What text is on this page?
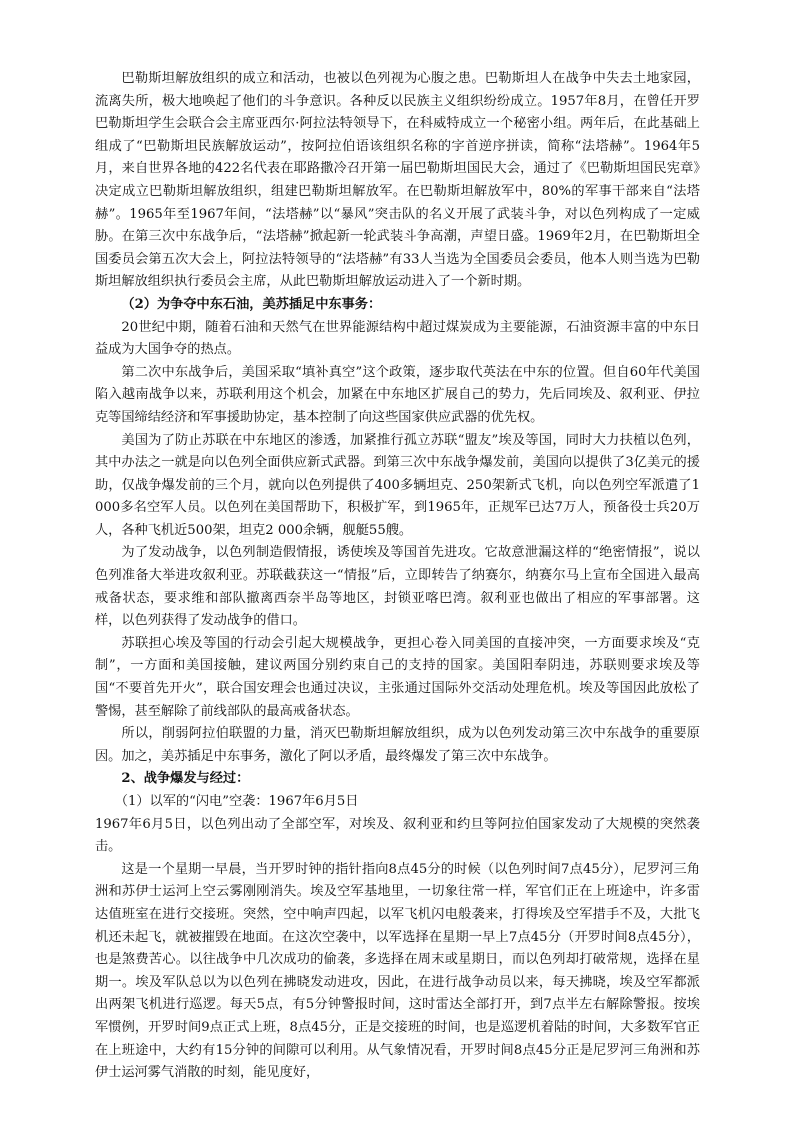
巴勒斯坦解放组织的成立和活动，也被以色列视为心腹之患。巴勒斯坦人在战争中失去土地家园，流离失所，极大地唤起了他们的斗争意识。各种反以民族主义组织纷纷成立。1957年8月，在曾任开罗巴勒斯坦学生会联合会主席亚西尔·阿拉法特领导下，在科威特成立一个秘密小组。两年后，在此基础上组成了“巴勒斯坦民族解放运动”，按阿拉伯语该组织名称的字首逆序拼读，简称“法塔赫”。1964年5月，来自世界各地的422名代表在耶路撒冷召开第一届巴勒斯坦国民大会，通过了《巴勒斯坦国民宪章》决定成立巴勒斯坦解放组织，组建巴勒斯坦解放军。在巴勒斯坦解放军中，80%的军事干部来自“法塔赫”。1965年至1967年间，“法塔赫”以“暴风”突击队的名义开展了武装斗争，对以色列构成了一定威胁。在第三次中东战争后，“法塔赫”掀起新一轮武装斗争高潮，声望日盛。1969年2月，在巴勒斯坦全国委员会第五次大会上，阿拉法特领导的“法塔赫”有33人当选为全国委员会委员，他本人则当选为巴勒斯坦解放组织执行委员会主席，从此巴勒斯坦解放运动进入了一个新时期。

（2）为争夺中东石油，美苏插足中东事务：

20世纪中期，随着石油和天然气在世界能源结构中超过煤炭成为主要能源，石油资源丰富的中东日益成为大国争夺的热点。

第二次中东战争后，美国采取“填补真空”这个政策，逐步取代英法在中东的位置。但自60年代美国陷入越南战争以来，苏联利用这个机会，加紧在中东地区扩展自己的势力，先后同埃及、叙利亚、伊拉克等国缔结经济和军事援助协定，基本控制了向这些国家供应武器的优先权。

美国为了防止苏联在中东地区的渗透，加紧推行孤立苏联“盟友”埃及等国，同时大力扶植以色列，其中办法之一就是向以色列全面供应新式武器。到第三次中东战争爆发前，美国向以提供了3亿美元的援助，仅战争爆发前的三个月，就向以色列提供了400多辆坦克、250架新式飞机，向以色列空军派遣了1 000多名空军人员。以色列在美国帮助下，积极扩军，到1965年，正规军已达7万人，预备役士兵20万人，各种飞机近500架，坦克2 000余辆，舰艇55艘。

为了发动战争，以色列制造假情报，诱使埃及等国首先进攻。它故意泄漏这样的“绝密情报”，说以色列准备大举进攻叙利亚。苏联截获这一“情报”后，立即转告了纳赛尔，纳赛尔马上宣布全国进入最高戒备状态，要求维和部队撤离西奈半岛等地区，封锁亚喀巴湾。叙利亚也做出了相应的军事部署。这样，以色列获得了发动战争的借口。

苏联担心埃及等国的行动会引起大规模战争，更担心卷入同美国的直接冲突，一方面要求埃及“克制”，一方面和美国接触，建议两国分别约束自己的支持的国家。美国阳奉阴违，苏联则要求埃及等国“不要首先开火”，联合国安理会也通过决议，主张通过国际外交活动处理危机。埃及等国因此放松了警惕，甚至解除了前线部队的最高戒备状态。

所以，削弱阿拉伯联盟的力量，消灭巴勒斯坦解放组织，成为以色列发动第三次中东战争的重要原因。加之，美苏插足中东事务，激化了阿以矛盾，最终爆发了第三次中东战争。

2、战争爆发与经过：

（1）以军的“闪电”空袭：1967年6月5日

1967年6月5日，以色列出动了全部空军，对埃及、叙利亚和约旦等阿拉伯国家发动了大规模的突然袭击。

这是一个星期一早晨，当开罗时钟的指针指向8点45分的时候（以色列时间7点45分），尼罗河三角洲和苏伊士运河上空云雾刚刚消失。埃及空军基地里，一切象往常一样，军官们正在上班途中，许多雷达值班室在进行交接班。突然，空中响声四起，以军飞机闪电般袭来，打得埃及空军措手不及，大批飞机还未起飞，就被摧毁在地面。在这次空袭中，以军选择在星期一早上7点45分（开罗时间8点45分），也是煞费苦心。以往战争中几次成功的偷袭，多选择在周末或星期日，而以色列却打破常规，选择在星期一。埃及军队总以为以色列在拂晓发动进攻，因此，在进行战争动员以来，每天拂晓，埃及空军都派出两架飞机进行巡逻。每天5点，有5分钟警报时间，这时雷达全部打开，到7点半左右解除警报。按埃军惯例，开罗时间9点正式上班，8点45分，正是交接班的时间，也是巡逻机着陆的时间，大多数军官正在上班途中，大约有15分钟的间隙可以利用。从气象情况看，开罗时间8点45分正是尼罗河三角洲和苏伊士运河雾气消散的时刻，能见度好，
